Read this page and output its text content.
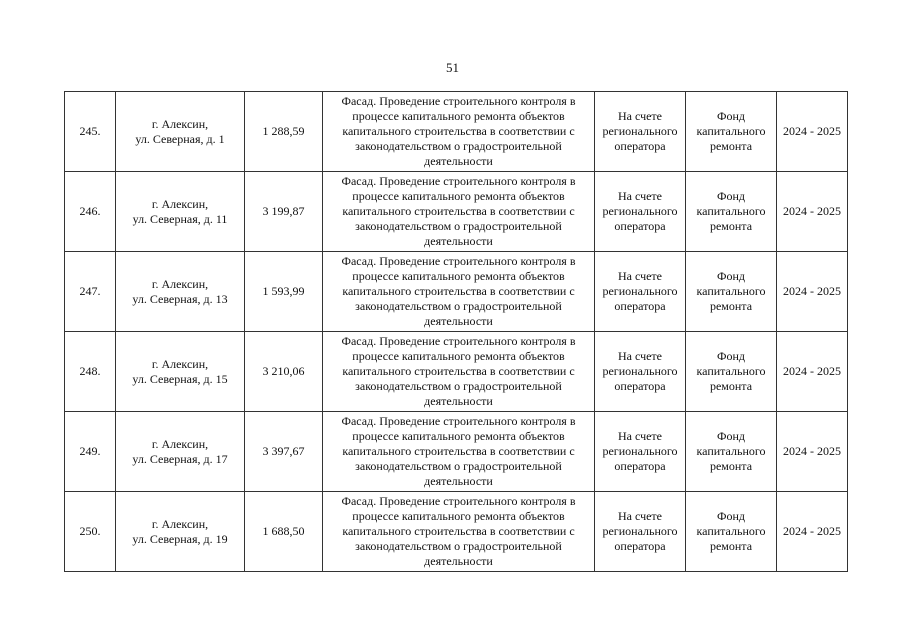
51
245.	г. Алексин,
ул. Северная, д. 1	1 288,59	Фасад. Проведение строительного контроля в
процессе капитального ремонта объектов
капитального строительства в соответствии с
законодательством о градостроительной
деятельности	На счете
регионального
оператора	Фонд
капитального
ремонта	2024 - 2025
246.	г. Алексин,
ул. Северная, д. 11	3 199,87	Фасад. Проведение строительного контроля в
процессе капитального ремонта объектов
капитального строительства в соответствии с
законодательством о градостроительной
деятельности	На счете
регионального
оператора	Фонд
капитального
ремонта	2024 - 2025
247.	г. Алексин,
ул. Северная, д. 13	1 593,99	Фасад. Проведение строительного контроля в
процессе капитального ремонта объектов
капитального строительства в соответствии с
законодательством о градостроительной
деятельности	На счете
регионального
оператора	Фонд
капитального
ремонта	2024 - 2025
248.	г. Алексин,
ул. Северная, д. 15	3 210,06	Фасад. Проведение строительного контроля в
процессе капитального ремонта объектов
капитального строительства в соответствии с
законодательством о градостроительной
деятельности	На счете
регионального
оператора	Фонд
капитального
ремонта	2024 - 2025
249.	г. Алексин,
ул. Северная, д. 17	3 397,67	Фасад. Проведение строительного контроля в
процессе капитального ремонта объектов
капитального строительства в соответствии с
законодательством о градостроительной
деятельности	На счете
регионального
оператора	Фонд
капитального
ремонта	2024 - 2025
250.	г. Алексин,
ул. Северная, д. 19	1 688,50	Фасад. Проведение строительного контроля в
процессе капитального ремонта объектов
капитального строительства в соответствии с
законодательством о градостроительной
деятельности	На счете
регионального
оператора	Фонд
капитального
ремонта	2024 - 2025
